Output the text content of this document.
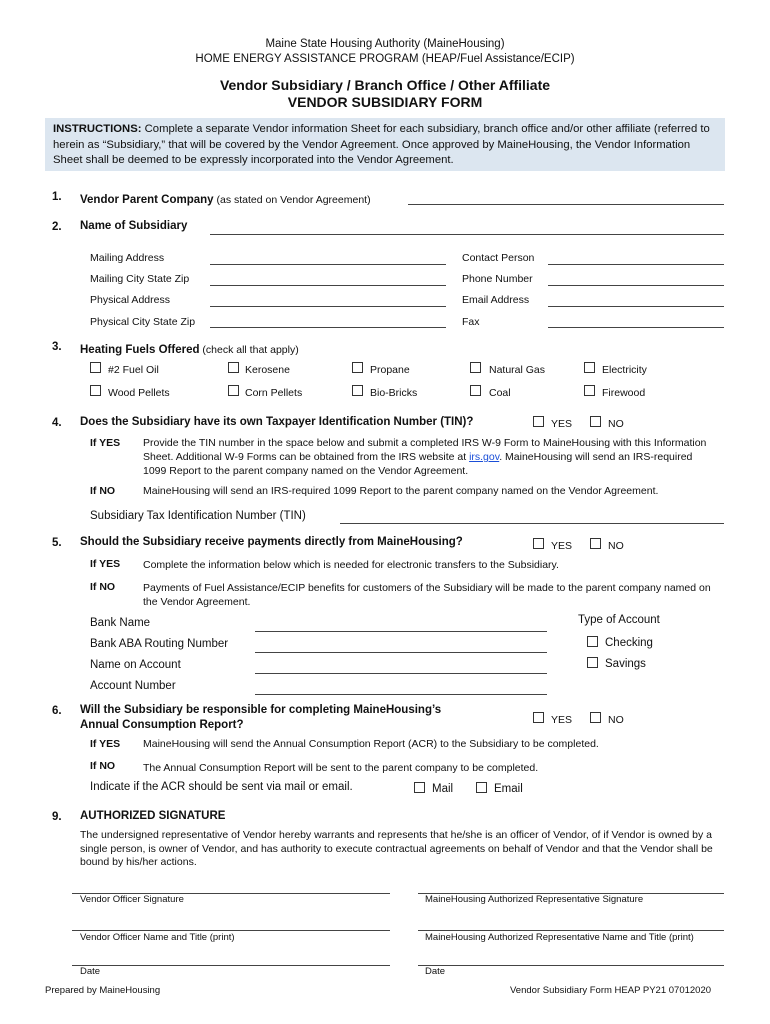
Maine State Housing Authority (MaineHousing)
HOME ENERGY ASSISTANCE PROGRAM (HEAP/Fuel Assistance/ECIP)
Vendor Subsidiary / Branch Office / Other Affiliate
VENDOR SUBSIDIARY FORM
INSTRUCTIONS: Complete a separate Vendor information Sheet for each subsidiary, branch office and/or other affiliate (referred to herein as “Subsidiary,” that will be covered by the Vendor Agreement. Once approved by MaineHousing, the Vendor Information Sheet shall be deemed to be expressly incorporated into the Vendor Agreement.
1. Vendor Parent Company (as stated on Vendor Agreement)
2. Name of Subsidiary
Mailing Address	Contact Person
Mailing City State Zip	Phone Number
Physical Address	Email Address
Physical City State Zip	Fax
3. Heating Fuels Offered (check all that apply)
#2 Fuel Oil	Kerosene	Propane	Natural Gas	Electricity
Wood Pellets	Corn Pellets	Bio-Bricks	Coal	Firewood
4. Does the Subsidiary have its own Taxpayer Identification Number (TIN)?	YES	NO
If YES Provide the TIN number in the space below and submit a completed IRS W-9 Form to MaineHousing with this Information Sheet. Additional W-9 Forms can be obtained from the IRS website at irs.gov. MaineHousing will send an IRS-required 1099 Report to the parent company named on the Vendor Agreement.
If NO	MaineHousing will send an IRS-required 1099 Report to the parent company named on the Vendor Agreement.
Subsidiary Tax Identification Number (TIN)
5. Should the Subsidiary receive payments directly from MaineHousing?	YES	NO
If YES Complete the information below which is needed for electronic transfers to the Subsidiary.
If NO	Payments of Fuel Assistance/ECIP benefits for customers of the Subsidiary will be made to the parent company named on the Vendor Agreement.
Bank Name
Bank ABA Routing Number
Name on Account
Account Number
Type of Account
Checking
Savings
6. Will the Subsidiary be responsible for completing MaineHousing’s
Annual Consumption Report?	YES	NO
If YES MaineHousing will send the Annual Consumption Report (ACR) to the Subsidiary to be completed.
If NO	The Annual Consumption Report will be sent to the parent company to be completed.
Indicate if the ACR should be sent via mail or email.	Mail	Email
9. AUTHORIZED SIGNATURE
The undersigned representative of Vendor hereby warrants and represents that he/she is an officer of Vendor, of if Vendor is owned by a single person, is owner of Vendor, and has authority to execute contractual agreements on behalf of Vendor and that the Vendor shall be bound by his/her actions.
Vendor Officer Signature	MaineHousing Authorized Representative Signature
Vendor Officer Name and Title (print)	MaineHousing Authorized Representative Name and Title (print)
Date	Date
Prepared by MaineHousing	Vendor Subsidiary Form HEAP PY21 07012020
